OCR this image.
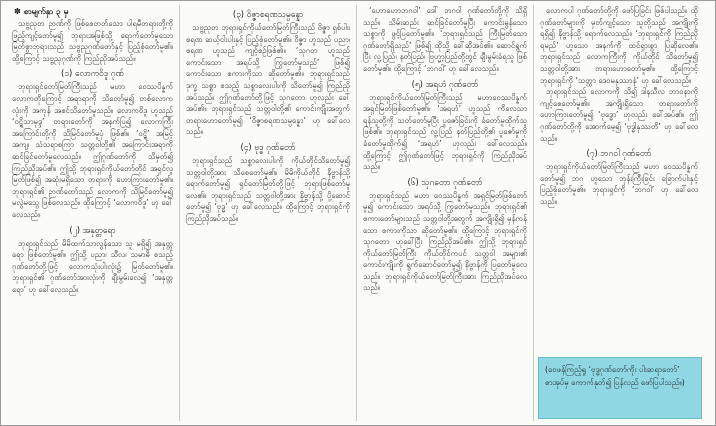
✽ စာမျက်နှာ ၃ မှ

သဗ္ဗညုတ ဉာဏ်ကို ဖြစ်စေတတ်သော ပါရမီတရားတို့ကို ဖြည့်ကျင့်တော်မူ၍ ဘုရားအဖြစ်သို့ ရောက်တော်မူသော မြတ်စွာဘုရားသည် သဗ္ဗညုဂုဏ်တော်နှင့် ပြည့်စုံတော်မူ၏။ ထို့ကြောင့် သဗ္ဗညုဂုဏ်ကို ကြည်ညိုအပ်သည်။

(၁) လောကဝိဒူ ဂုဏ်

ဘုရားရှင်တော်မြတ်ကြီးသည် မဟာ ဝေဿပိန္နက် လောကတိုကြောင့် အရာရာကို သိတော်မူ၍ တစ်လောကလုံးကို အကုန် အစင်သိတော်မူသည်။ လောကဝိဒူ ဟူသည် ‘ဝဋ္ဋိသာမုဒ္ဒ’ တရားတော်ကို အနက်ပြ၍ လောကကြီး အကြောင်းတို့ကို သိမြင်တော်မူပုံ ဖြစ်၏။ ‘ဝဋ္ဋိ’ အမြင့်အကျ၊ သံသရာစကြာ သတ္တဝါတို့၏ အကြောင်းအရာကို ဆင်ခြင်တော်မူလေသည်။ ဤဂုဏ်တော်ကို သိမှတ်၍ ကြည်ညိုအပ်၏။ ဤသို့ ဘုရားရှင်ကိုယ်တော်တိုင် အရှင်လူမြတ်ဖြစ်၍ အဆုံးမရှိသော တရားကို ဟောကြားတော်မူ၏။ ဘုရားရှင်၏ ဉာဏ်တော်သည် လောကကို သိမြင်တော်မူ၍ မလွဲမသွေ ဖြစ်လေသည်။ ထိုကြောင့် ‘လောကဝိဒူ’ ဟု ခေါ်လေသည်။

(၂) အနုတ္တရော

ဘုရားရှင်သည် မိမိထက်သာလွန်သော သူ မရှိ၍ အနုတ္တရော ဖြစ်တော်မူ၏။ ဤသို့ ပညာ၊ သီလ၊ သမာဓိ စသည့် ဂုဏ်တော်တို့ဖြင့် လောကသုံးပါးလုံး၌ မြတ်တော်မူ၏။ ဘုရားရှင်၏ ဂုဏ်တော်အားလုံးကို ချီးမွမ်းလေ၍ ‘အနုတ္တရော’ ဟု ခေါ်လေသည်။

(၃) ဝိဇ္ဇာစရဏသမ္ပန္နော

သဗ္ဗညုတ ဘုရားရှင်ကိုယ်တော်မြတ်ကြီးသည် ဝိဇ္ဇာ ရှစ်ပါး၊ စရဏ ဆယ့်ငါးပါးနှင့် ပြည့်စုံတော်မူ၏။ ဝိဇ္ဇာ ဟူသည် ပညာ၊ စရဏ ဟူသည် ကျင့်စဉ်ဖြစ်၏။ ‘သုဂတ ဟူသည် ကောင်းသော အရပ်သို့ ကြွတော်မူသည်’ ဖြစ်၍ ကောင်းသော စကားကိုသာ ဆိုတော်မူ၏။ ဘုရားရှင်သည် ဒုက္ခ သစ္စာ စသည့် သစ္စာလေးပါးကို သိတော်မူ၍ ကြည်ညိုအပ်သည်။ ဤဂုဏ်တော်တို့ဖြင့် သုဂတော ဟုလည်း ခေါ်အပ်၏။ ဘုရားရှင်သည် သတ္တဝါတို့၏ ကောင်းကျိုးအတွက် တရားဟောတော်မူ၍ ‘ဝိဇ္ဇာစရဏသမ္ပန္နော’ ဟု ခေါ်လေသည်။

(၄) ဗုဒ္ဓ ဂုဏ်တော်

ဘုရားရှင်သည် သစ္စာလေးပါးကို ကိုယ်တိုင်သိတော်မူ၍ သတ္တဝါတို့အား သိစေတော်မူ၏။ မိမိကိုယ်တိုင် နိဗ္ဗာန်သို့ ရောက်တော်မူ၍ ရှင်တော်မြတ်တို့ဖြင့် ဘုရားဖြစ်တော်မူလေ၏။ ဘုရားရှင်သည် သတ္တဝါတို့အား နိဗ္ဗာန်သို့ ပို့ဆောင်တော်မူ၍ ‘ဗုဒ္ဓ’ ဟု ခေါ်လေသည်။ ထို့ကြောင့် ဘုရားရှင်ကို ကြည်ညိုအပ်သည်။

‘ဟောဟောဘဂဝါ’ ဒေါ် ဘဂဝါ ဂုဏ်တော်တို့ကို သိရှိသည်။ သိမ်းဆည်း ဆင်ခြင်တော်မူပြီး ကောင်းမွန်သော သစ္စာကို ဖွင့်ပြတော်မူ၏။ ‘ဘုရားရှင်သည် ကြီးမြတ်သော ဂုဏ်တော်ရှိသည်’ ဖြစ်၍ ထိုသို့ ခေါ်ဆိုအပ်၏။ ဆောင်ရွက်ပြီး လူ့ပြည်၊ နတ်ပြည်၊ ဗြဟ္မာ့ပြည်တို့တွင် ချီးမွမ်းခံရသူ ဖြစ်တော်မူ၏။ ထို့ကြောင့် ‘ဘဂဝါ’ ဟု ခေါ်လေသည်။

(၅) အရဟံ ဂုဏ်တော်

ဘုရားရှင်ကိုယ်တော်မြတ်ကြီးသည် မဟာဝေဿပိန္နက် အရှင်မြတ်ဖြစ်တော်မူ၏။ ‘အရဟံ’ ဟူသည် ကိလေသာ ရန်သူတို့ကို သတ်တော်မူပြီး ပူဇော်ခြင်းကို ခံတော်မူထိုက်သူ ဖြစ်၏။ ဘုရားရှင်သည် လူ့ပြည် နတ်ပြည်တို့၏ ပူဇော်မှုကို ခံတော်မူထိုက်၍ ‘အရဟံ’ ဟုလည်း ခေါ်လေသည်။ ထို့ကြောင့် ဤဂုဏ်တော်ဖြင့် ဘုရားရှင်ကို ကြည်ညိုအပ်သည်။

(၆) သုဂတော ဂုဏ်တော်

ဘုရားရှင်သည် မဟာ ဝေဿပိန္နက် အရှင်မြတ်ဖြစ်တော်မူ၍ ကောင်းသော အရပ်သို့ ကြွတော်မူသည်။ ဘုရားရှင်၏ စကားတော်များသည် သတ္တဝါတို့အတွက် အကျိုးရှိ၍ မှန်ကန်သော စကားကိုသာ ဆိုတော်မူ၏။ ထို့ကြောင့် ဘုရားရှင်ကို သုဂတော ဟုခေါ်ပြီး ကြည်ညိုအပ်၏။ ဤသို့ ဘုရားရှင်ကိုယ်တော်မြတ်ကြီး ကိုယ်တိုင်ကပင် သတ္တဝါ အများ၏ ကောင်းကျိုးကို ရွက်ဆောင်တော်မူ၍ နိဗ္ဗာန်ကို ပြတော်မူလေသည်။ ဘုရားရှင်ကိုယ်တော်မြတ်ကြီးအား ကြည်ညိုအပ်လေသည်။

လောကပါ ဂုဏ်တော်တို့ကို ဖော်ပြခြင်း ဖြစ်ပါသည်။ ထိုဂုဏ်တော်များကို မှတ်ကျင့်သော သူတို့သည် အကျိုးကို ရရှိ၍ နိဗ္ဗာန်သို့ ရောက်လေသည်။ ‘ဘုရားရှင်ကို ကြည်ညိုရမည်’ ဟူသော အနက်ကို ထင်ရှားစွာ ပြဆိုလေ၏။ ဘုရားရှင်သည် လောကကြီးကို ကိုယ်တိုင် သိတော်မူ၍ သတ္တဝါတို့အား တရားဟောတော်မူ၏။ ထို့ကြောင့် ဘုရားရှင်ကို ‘သတ္ထာ ဒေဝမနုဿာနံ’ ဟု ခေါ်လေသည်။

ဘုရားရှင်သည် လောကကို သိ၍ ဒါနသီလ ဘာဝနာကို ကျင့်စေတော်မူ၏။ အကျိုးရှိသော တရားတော်ကို ဟောကြားတော်မူ၍ ‘ဗုဒ္ဓော’ ဟုလည်း ခေါ်အပ်၏။ ဤဂုဏ်တော်တို့ကို အောက်မေ့၍ ‘ဗုဒ္ဓါနုဿတိ’ ဟု ခေါ်လေသည်။

(၇) ဘဂဝါ ဂုဏ်တော်

ဘုရားရှင်ကိုယ်တော်မြတ်ကြီးသည် မဟာ ဝေဿပိန္နက်တော်မူ၍ ဘဂ ဟူသော ဘုန်းကြီးခြင်း ခြောက်ပါးနှင့် ပြည့်စုံတော်မူ၏။ ဘုရားရှင်ကို ‘ဘဂဝါ’ ဟု ခေါ်လေသည်။

(ဝေဖန်ကြည့်ရှု ‘ဗုဒ္ဓဂုဏ်တော်ကိုး ပါးဆရာတော်’ စာအုပ်မှ ကောက်နုတ်၍ ပြန်လည် ဖော်ပြပါသည်။)
